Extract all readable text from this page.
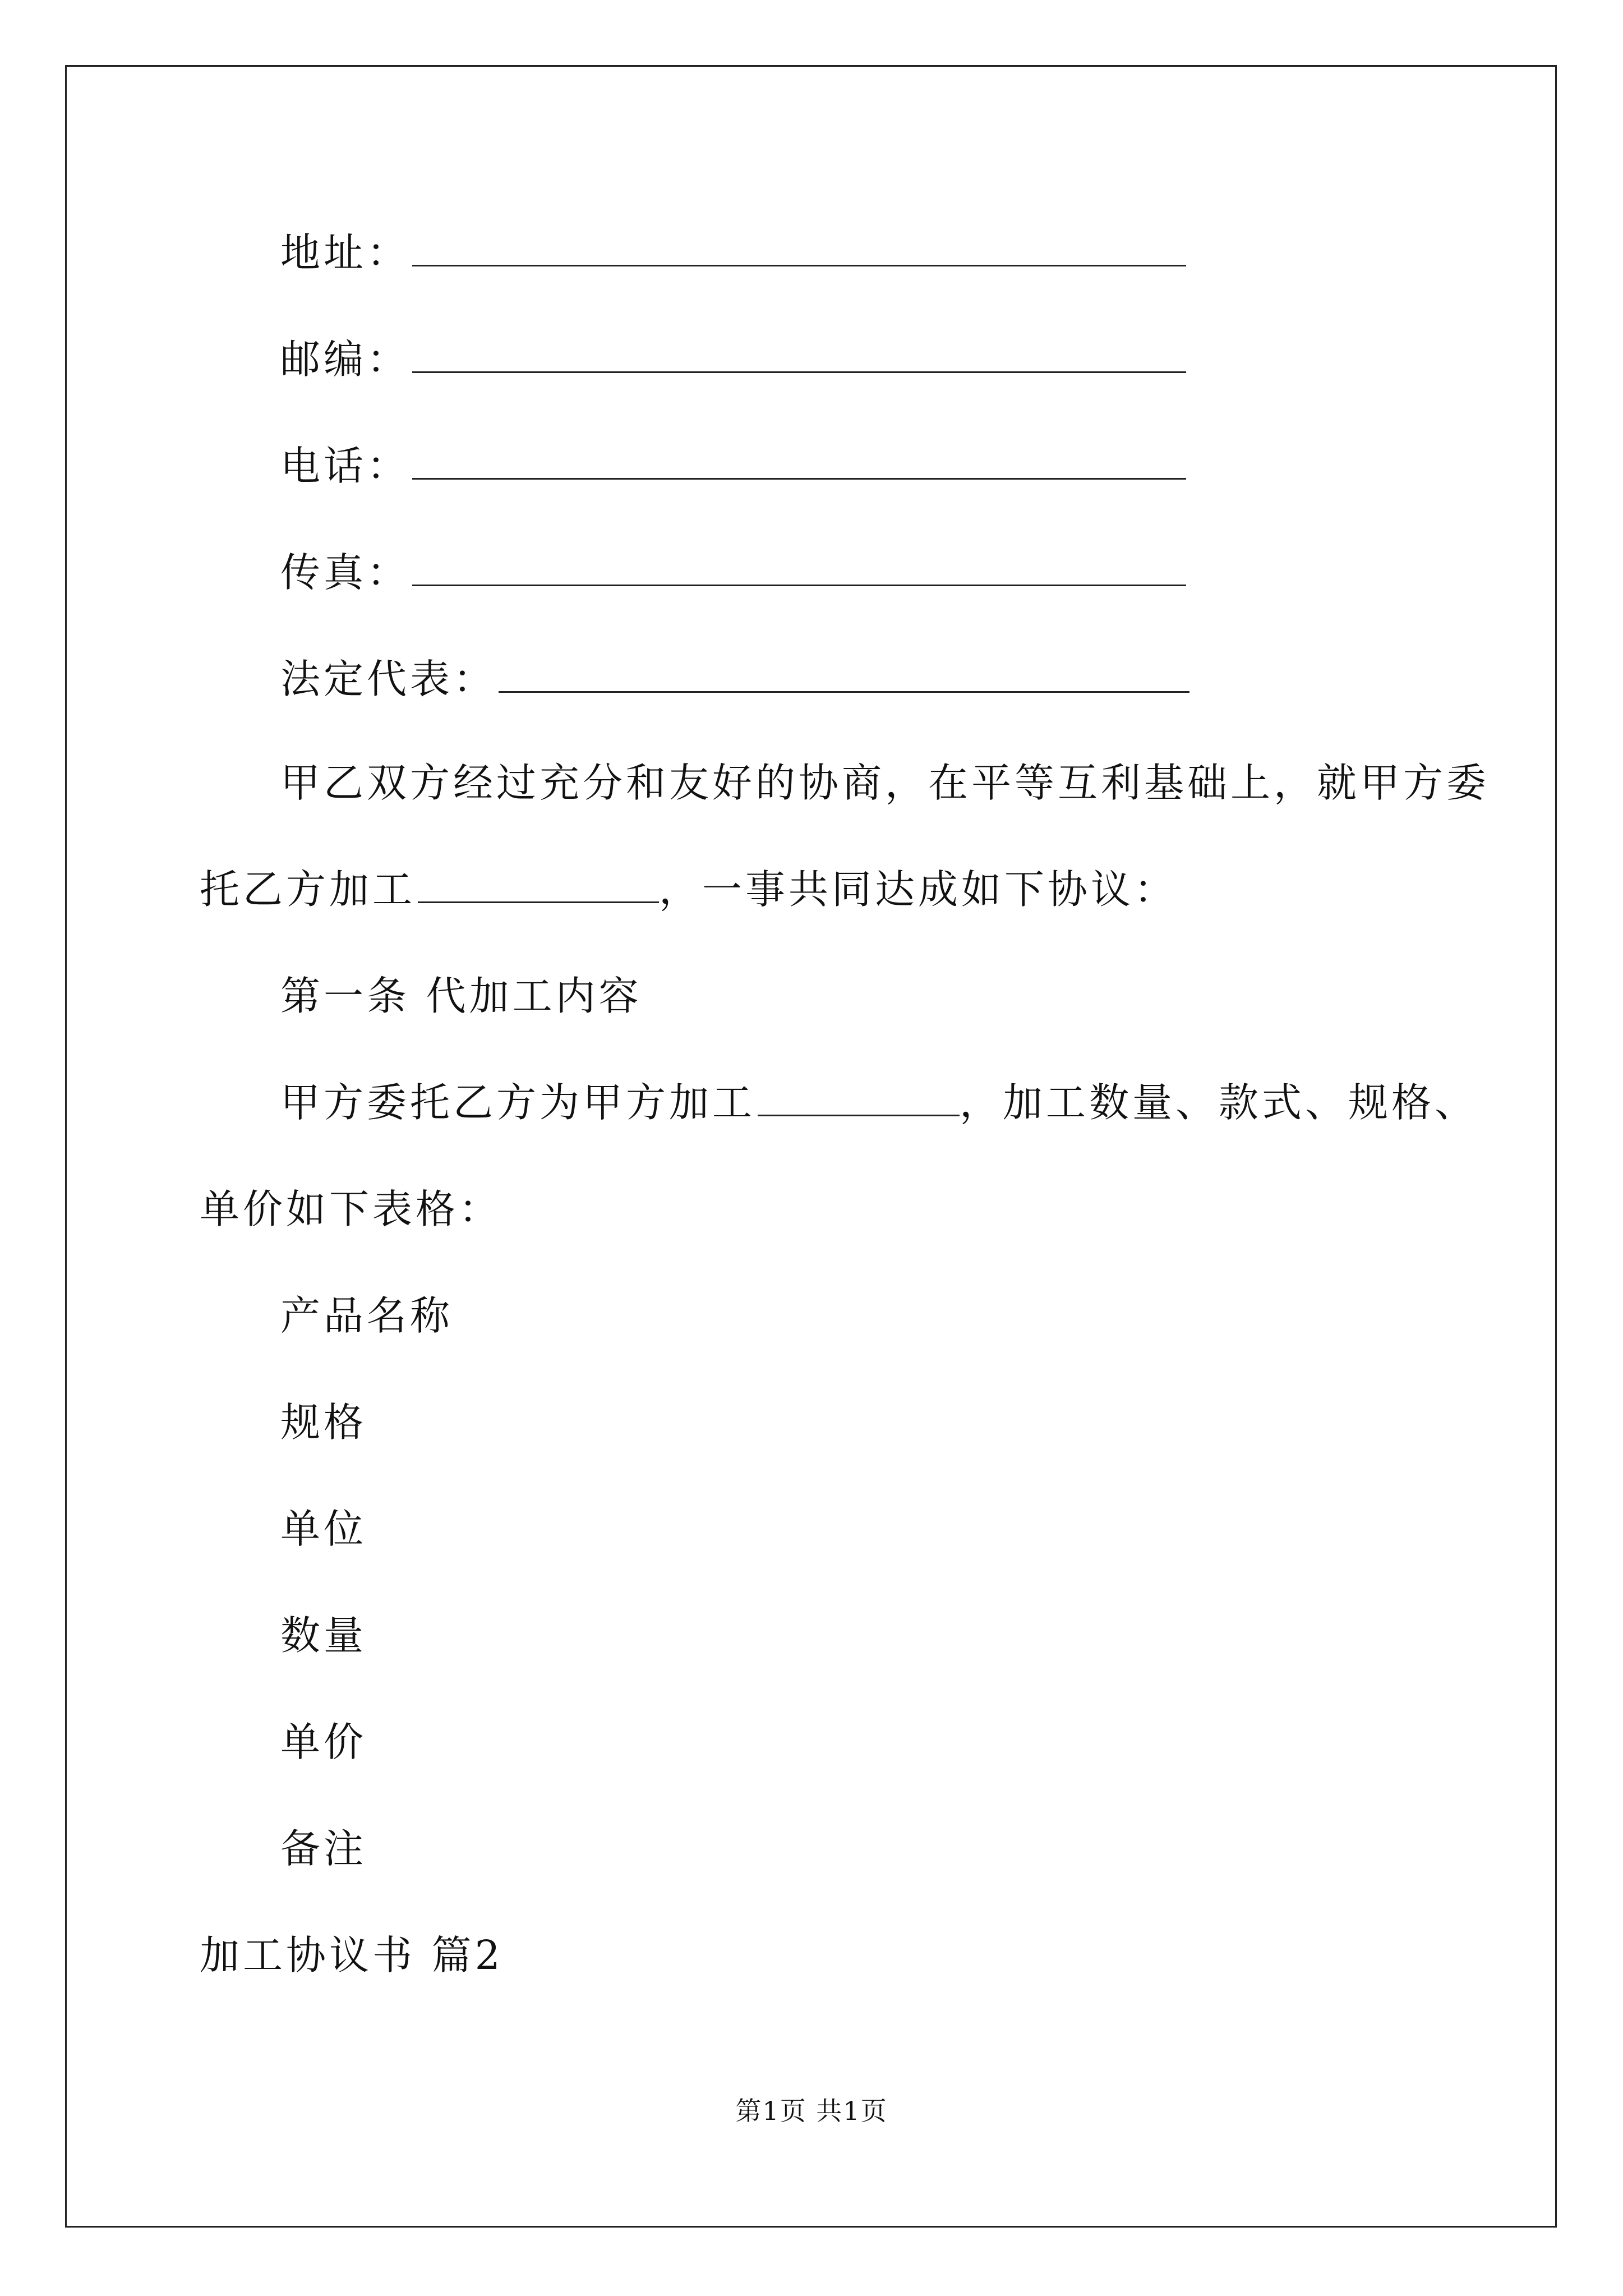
地址：
邮编：
电话：
传真：
法定代表：
甲乙双方经过充分和友好的协商，在平等互利基础上，就甲方委
托乙方加工	，一事共同达成如下协议：
第一条 代加工内容
甲方委托乙方为甲方加工	，加工数量、款式、规格、
单价如下表格：
产品名称
规格
单位
数量
单价
备注
加工协议书 篇2
第1页 共1页
